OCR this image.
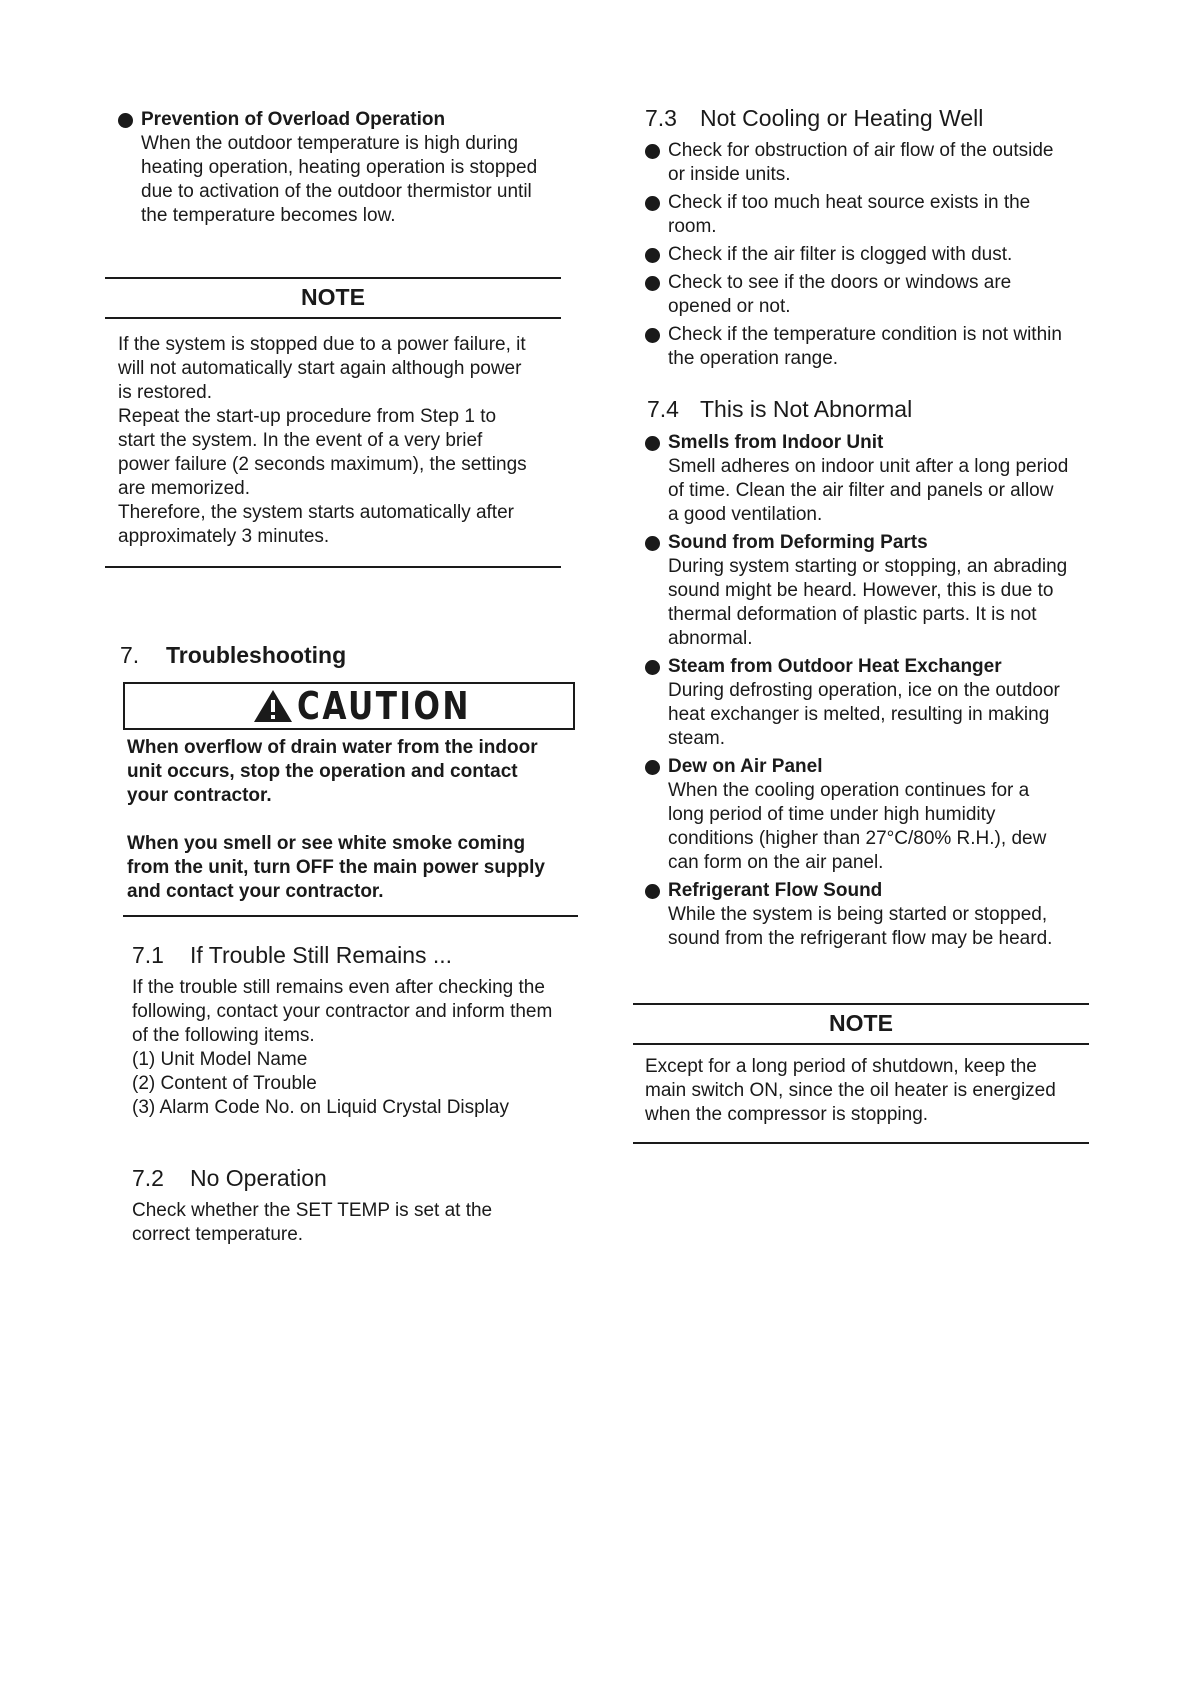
Prevention of Overload Operation

When the outdoor temperature is high during

heating operation, heating operation is stopped

due to activation of the outdoor thermistor until

the temperature becomes low.

NOTE

If the system is stopped due to a power failure, it

will not automatically start again although power

is restored.

Repeat the start-up procedure from Step 1 to

start the system. In the event of a very brief

power failure (2 seconds maximum), the settings

are memorized.

Therefore, the system starts automatically after

approximately 3 minutes.

7. Troubleshooting
CAUTION

When overflow of drain water from the indoor

unit occurs, stop the operation and contact

your contractor.

When you smell or see white smoke coming

from the unit, turn OFF the main power supply

and contact your contractor.

7.1 If Trouble Still Remains ...

If the trouble still remains even after checking the

following, contact your contractor and inform them

of the following items.

(1) Unit Model Name

(2) Content of Trouble

(3) Alarm Code No. on Liquid Crystal Display

7.2 No Operation

Check whether the SET TEMP is set at the

correct temperature.

7.3 Not Cooling or Heating Well

Check for obstruction of air flow of the outside

or inside units.

Check if too much heat source exists in the

room.

Check if the air filter is clogged with dust.

Check to see if the doors or windows are

opened or not.

Check if the temperature condition is not within

the operation range.

7.4 This is Not Abnormal

Smells from Indoor Unit

Smell adheres on indoor unit after a long period

of time. Clean the air filter and panels or allow

a good ventilation.

Sound from Deforming Parts

During system starting or stopping, an abrading

sound might be heard. However, this is due to

thermal deformation of plastic parts. It is not

abnormal.

Steam from Outdoor Heat Exchanger

During defrosting operation, ice on the outdoor

heat exchanger is melted, resulting in making

steam.

Dew on Air Panel

When the cooling operation continues for a

long period of time under high humidity

conditions (higher than 27°C/80% R.H.), dew

can form on the air panel.

Refrigerant Flow Sound

While the system is being started or stopped,

sound from the refrigerant flow may be heard.

NOTE

Except for a long period of shutdown, keep the

main switch ON, since the oil heater is energized

when the compressor is stopping.
